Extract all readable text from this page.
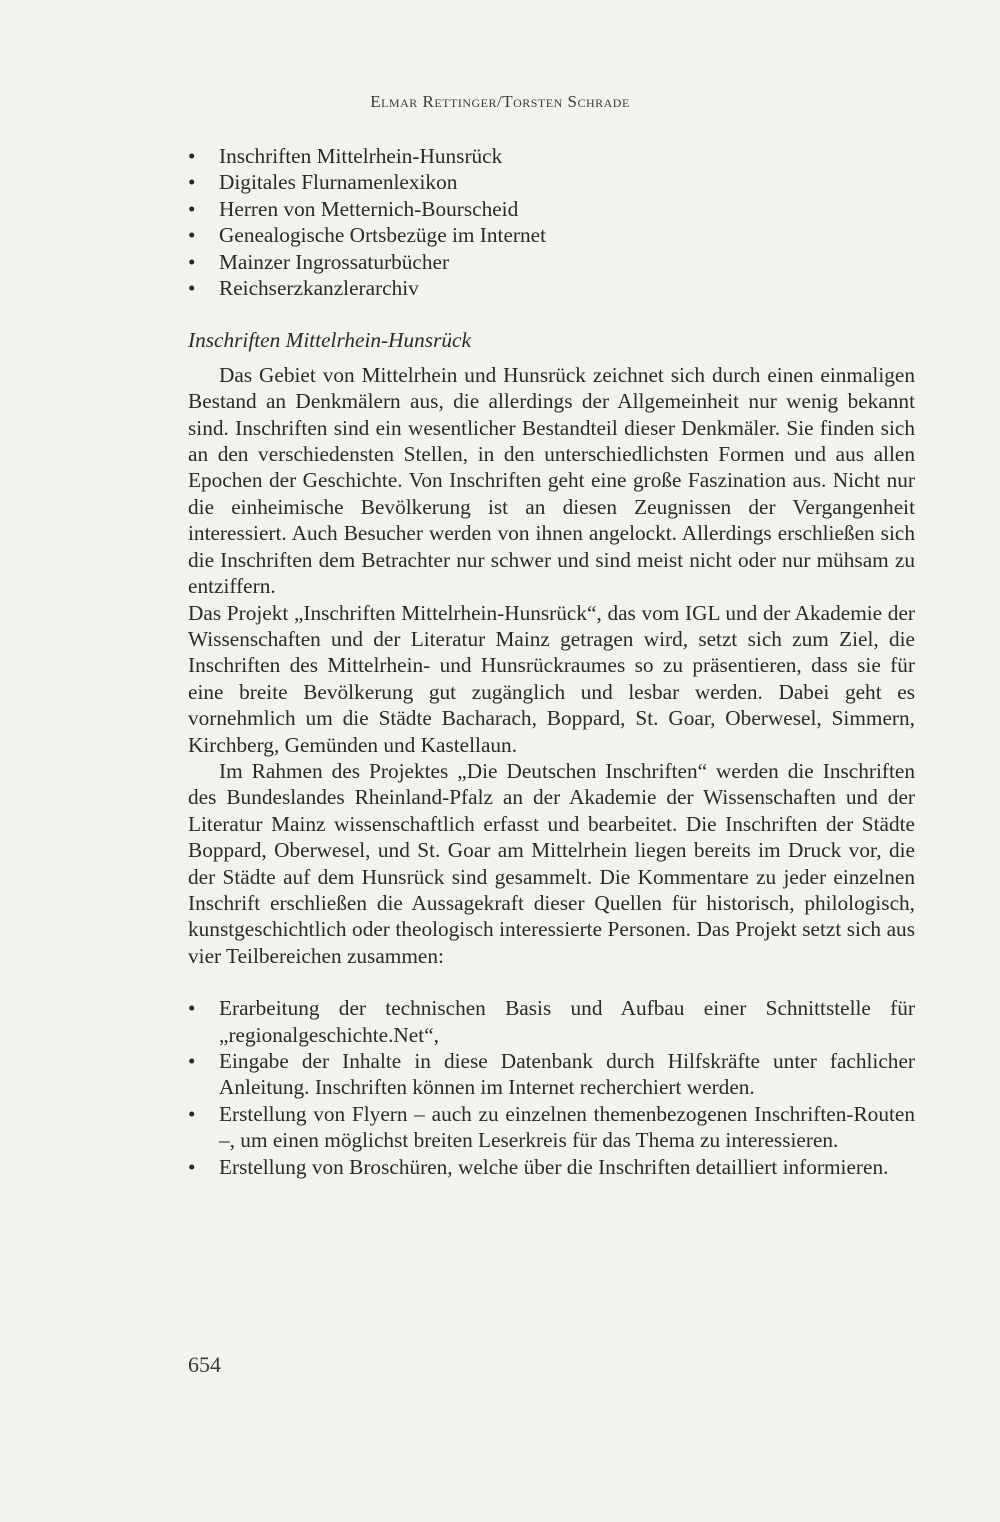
Elmar Rettinger/Torsten Schrade
• Inschriften Mittelrhein-Hunsrück
• Digitales Flurnamenlexikon
• Herren von Metternich-Bourscheid
• Genealogische Ortsbezüge im Internet
• Mainzer Ingrossaturbücher
• Reichserzkanzlerarchiv
Inschriften Mittelrhein-Hunsrück

Das Gebiet von Mittelrhein und Hunsrück zeichnet sich durch einen einmaligen Bestand an Denkmälern aus, die allerdings der Allgemeinheit nur wenig bekannt sind. Inschriften sind ein wesentlicher Bestandteil dieser Denkmäler. Sie finden sich an den verschiedensten Stellen, in den unterschiedlichsten Formen und aus allen Epochen der Geschichte. Von Inschriften geht eine große Faszination aus. Nicht nur die einheimische Bevölkerung ist an diesen Zeugnissen der Vergangenheit interessiert. Auch Besucher werden von ihnen angelockt. Allerdings erschließen sich die Inschriften dem Betrachter nur schwer und sind meist nicht oder nur mühsam zu entziffern.

Das Projekt „Inschriften Mittelrhein-Hunsrück“, das vom IGL und der Akademie der Wissenschaften und der Literatur Mainz getragen wird, setzt sich zum Ziel, die Inschriften des Mittelrhein- und Hunsrückraumes so zu präsentieren, dass sie für eine breite Bevölkerung gut zugänglich und lesbar werden. Dabei geht es vornehmlich um die Städte Bacharach, Boppard, St. Goar, Oberwesel, Simmern, Kirchberg, Gemünden und Kastellaun.

Im Rahmen des Projektes „Die Deutschen Inschriften“ werden die Inschriften des Bundeslandes Rheinland-Pfalz an der Akademie der Wissenschaften und der Literatur Mainz wissenschaftlich erfasst und bearbeitet. Die Inschriften der Städte Boppard, Oberwesel, und St. Goar am Mittelrhein liegen bereits im Druck vor, die der Städte auf dem Hunsrück sind gesammelt. Die Kommentare zu jeder einzelnen Inschrift erschließen die Aussagekraft dieser Quellen für historisch, philologisch, kunstgeschichtlich oder theologisch interessierte Personen. Das Projekt setzt sich aus vier Teilbereichen zusammen:

• Erarbeitung der technischen Basis und Aufbau einer Schnittstelle für „regionalgeschichte.Net“,
• Eingabe der Inhalte in diese Datenbank durch Hilfskräfte unter fachlicher Anleitung. Inschriften können im Internet recherchiert werden.
• Erstellung von Flyern – auch zu einzelnen themenbezogenen Inschriften-Routen –, um einen möglichst breiten Leserkreis für das Thema zu interessieren.
• Erstellung von Broschüren, welche über die Inschriften detailliert informieren.
654
